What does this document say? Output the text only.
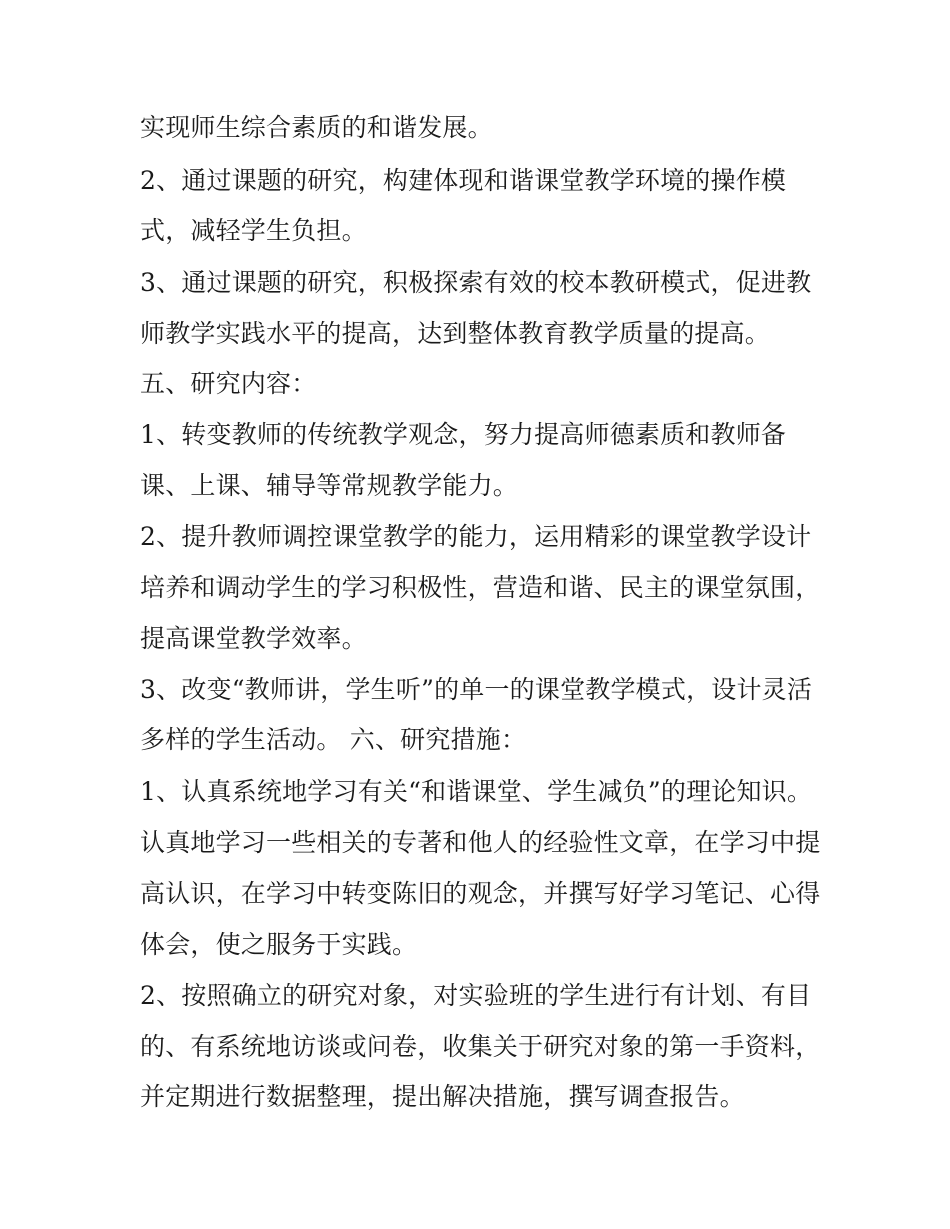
实现师生综合素质的和谐发展。
2、通过课题的研究，构建体现和谐课堂教学环境的操作模
式，减轻学生负担。
3、通过课题的研究，积极探索有效的校本教研模式，促进教
师教学实践水平的提高，达到整体教育教学质量的提高。
五、研究内容：
1、转变教师的传统教学观念，努力提高师德素质和教师备
课、上课、辅导等常规教学能力。
2、提升教师调控课堂教学的能力，运用精彩的课堂教学设计
培养和调动学生的学习积极性，营造和谐、民主的课堂氛围，
提高课堂教学效率。
3、改变“教师讲，学生听”的单一的课堂教学模式，设计灵活
多样的学生活动。 六、研究措施：
1、认真系统地学习有关“和谐课堂、学生减负”的理论知识。
认真地学习一些相关的专著和他人的经验性文章，在学习中提
高认识，在学习中转变陈旧的观念，并撰写好学习笔记、心得
体会，使之服务于实践。
2、按照确立的研究对象，对实验班的学生进行有计划、有目
的、有系统地访谈或问卷，收集关于研究对象的第一手资料，
并定期进行数据整理，提出解决措施，撰写调查报告。
